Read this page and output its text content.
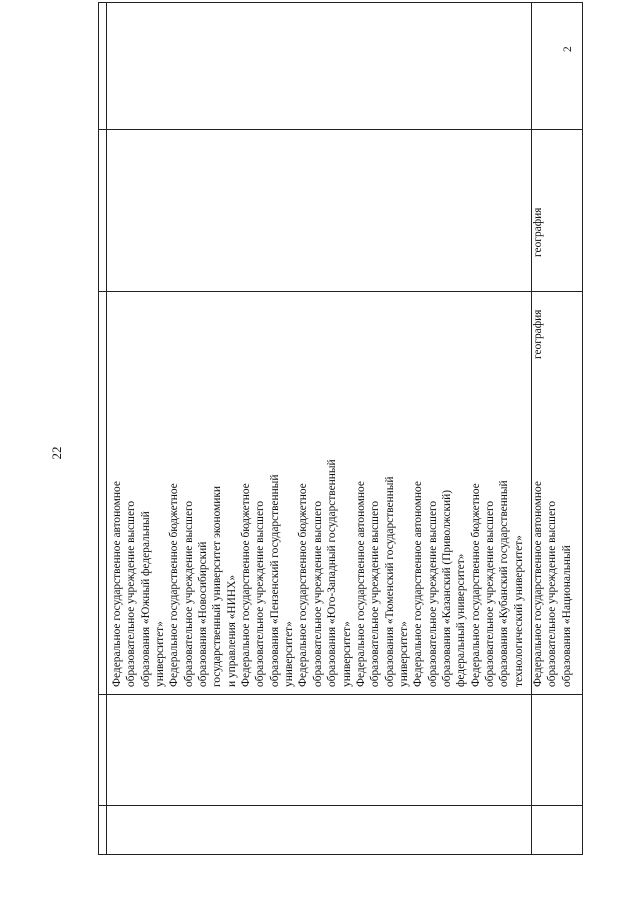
22
Федеральное государственное автономное образовательное учреждение высшего образования «Южный федеральный университет» Федеральное государственное бюджетное образовательное учреждение высшего образования «Новосибирский государственный университет экономики и управления «НИНХ» Федеральное государственное бюджетное образовательное учреждение высшего образования «Пензенский государственный университет» Федеральное государственное бюджетное образовательное учреждение высшего образования «Юго-Западный государственный университет» Федеральное государственное автономное образовательное учреждение высшего образования «Тюменский государственный университет» Федеральное государственное автономное образовательное учреждение высшего образования «Казанский (Приволжский) федеральный университет» Федеральное государственное бюджетное образовательное учреждение высшего образования «Кубанский государственный технологический университет» Федеральное государственное автономное образовательное учреждение высшего образования «Национальный
география
география
2
